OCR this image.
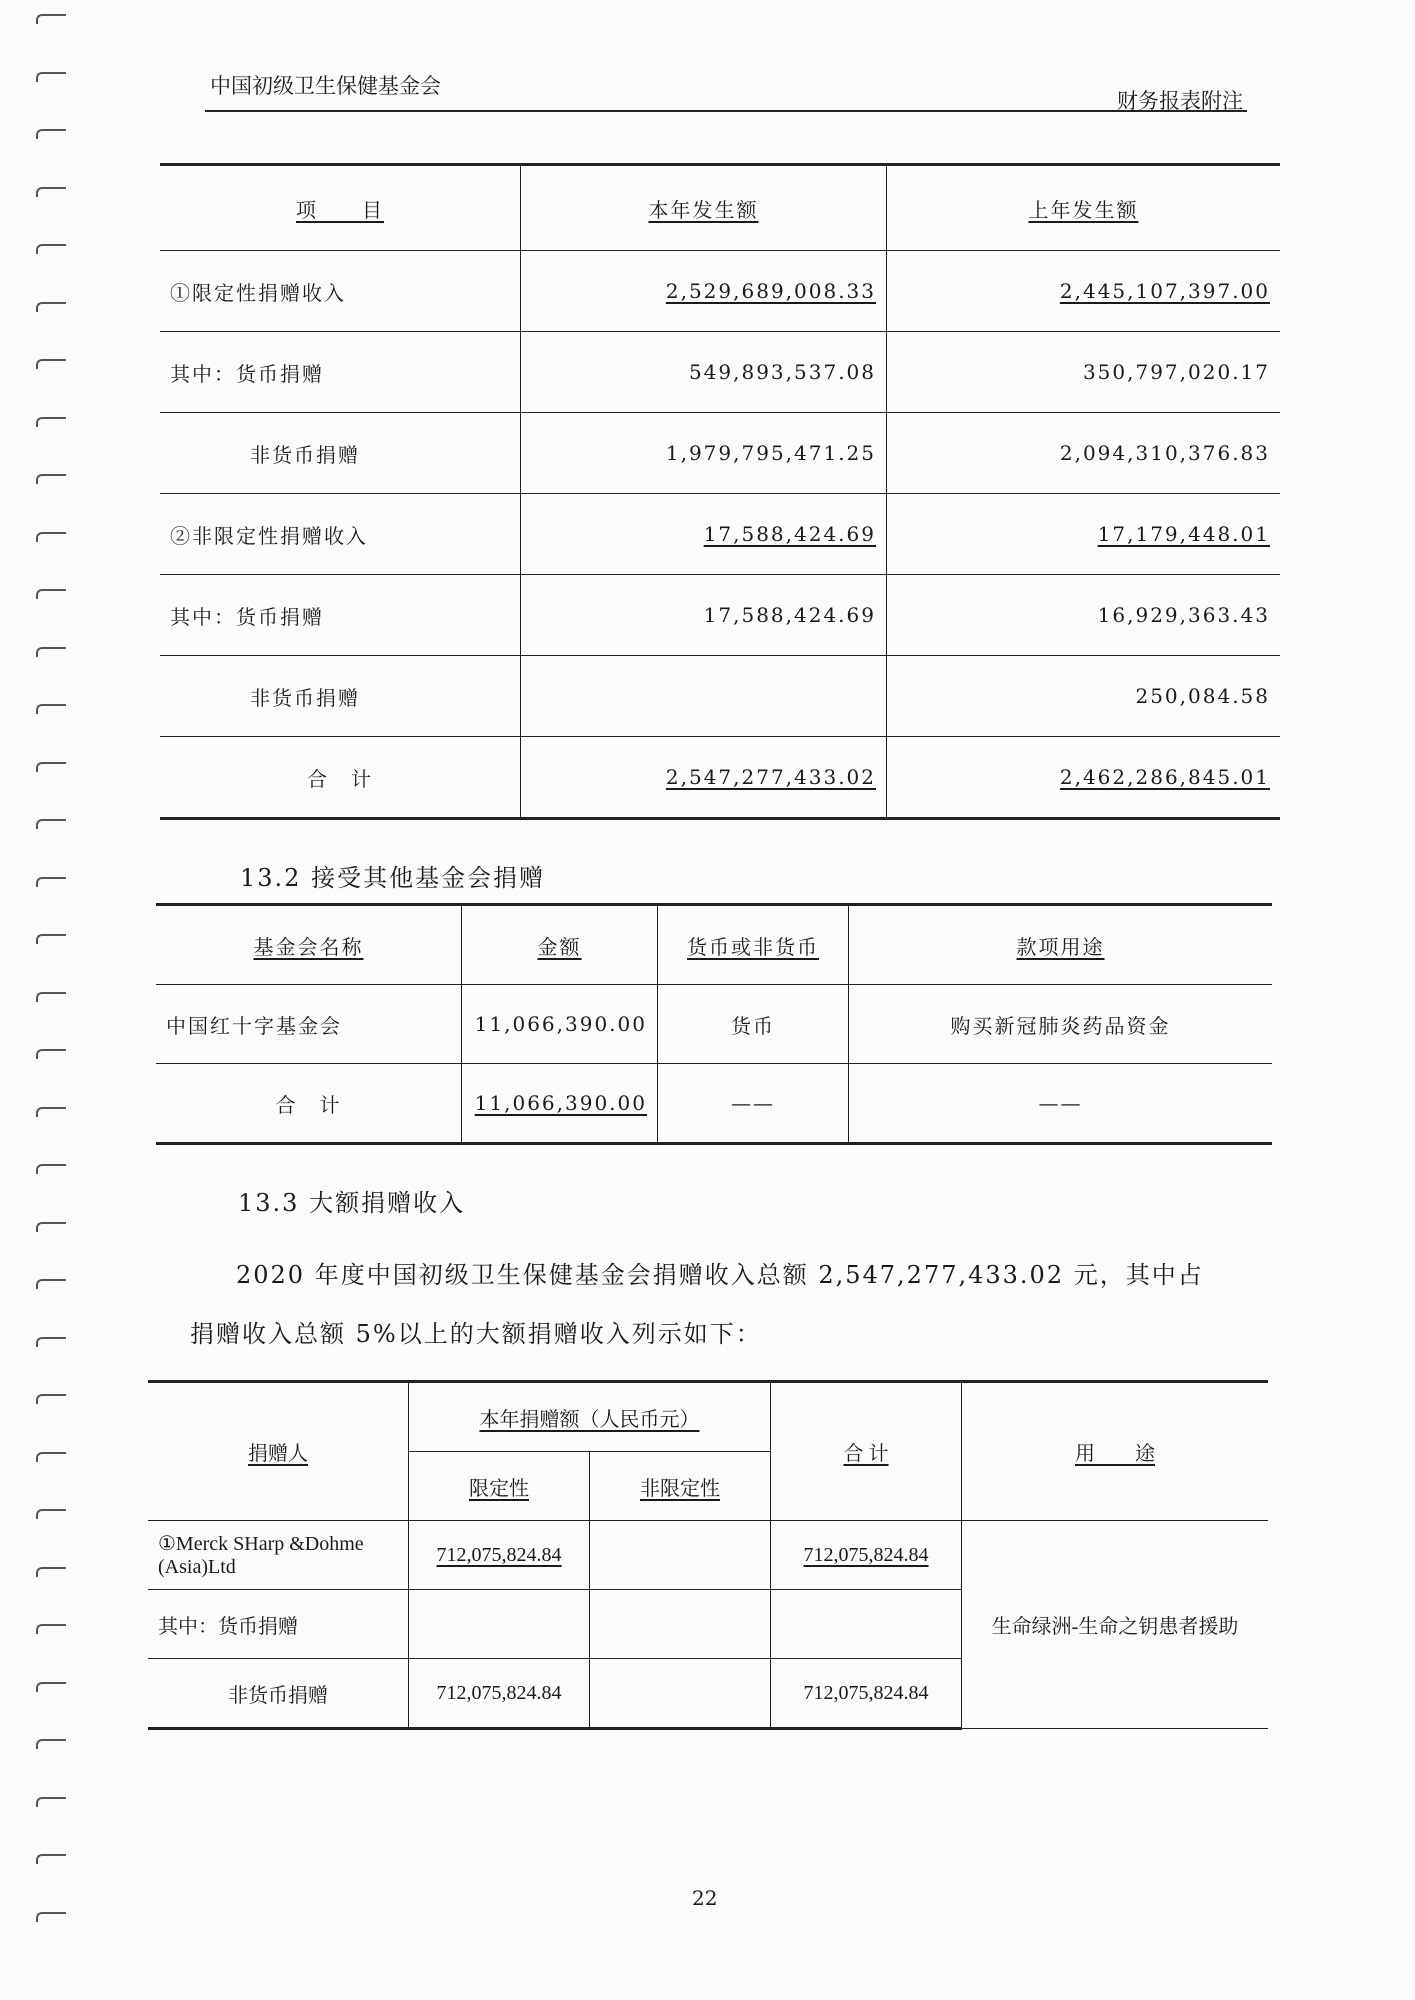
中国初级卫生保健基金会
财务报表附注
项　　目	本年发生额	上年发生额
①限定性捐赠收入	2,529,689,008.33	2,445,107,397.00
其中：货币捐赠	549,893,537.08	350,797,020.17
非货币捐赠	1,979,795,471.25	2,094,310,376.83
②非限定性捐赠收入	17,588,424.69	17,179,448.01
其中：货币捐赠	17,588,424.69	16,929,363.43
非货币捐赠		250,084.58
合　计	2,547,277,433.02	2,462,286,845.01
13.2 接受其他基金会捐赠
基金会名称	金额	货币或非货币	款项用途
中国红十字基金会	11,066,390.00	货币	购买新冠肺炎药品资金
合　计	11,066,390.00	——	——
13.3 大额捐赠收入
2020 年度中国初级卫生保健基金会捐赠收入总额 2,547,277,433.02 元，其中占
捐赠收入总额 5%以上的大额捐赠收入列示如下：
捐赠人	本年捐赠额（人民币元）		合 计	用　　途
	限定性	非限定性		
①Merck SHarp &Dohme (Asia)Ltd	712,075,824.84		712,075,824.84	生命绿洲-生命之钥患者援助
其中：货币捐赠				
非货币捐赠	712,075,824.84		712,075,824.84	
22
